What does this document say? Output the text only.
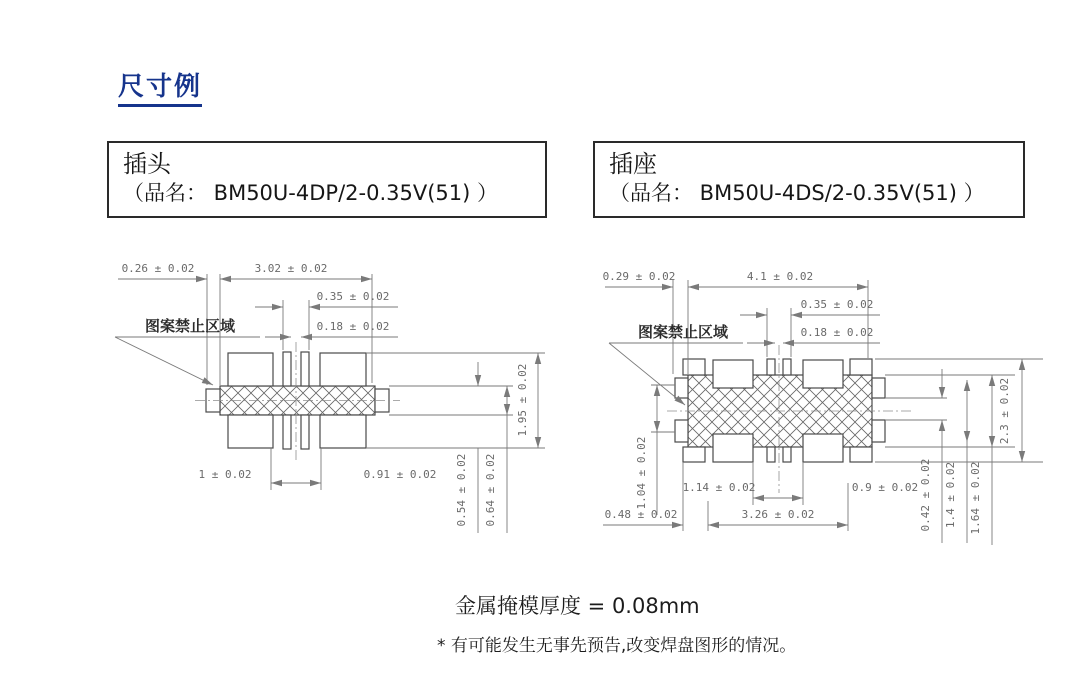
尺寸例
插头
（品名： BM50U-4DP/2-0.35V(51) ）
插座
（品名： BM50U-4DS/2-0.35V(51) ）
0.26 ± 0.02	3.02 ± 0.02
0.35 ± 0.02
0.18 ± 0.02
图案禁止区域
1 ± 0.02	0.91 ± 0.02
1.95 ± 0.02
0.54 ± 0.02 0.64 ± 0.02
0.29 ± 0.02	4.1 ± 0.02
0.35 ± 0.02
0.18 ± 0.02
图案禁止区域
1.14 ± 0.02	0.9 ± 0.02
0.48 ± 0.02	3.26 ± 0.02
1.04 ± 0.02	0.42 ± 0.02 1.4 ± 0.02 1.64 ± 0.02
2.3 ± 0.02
金属掩模厚度 = 0.08mm
* 有可能发生无事先预告,改变焊盘图形的情况。
